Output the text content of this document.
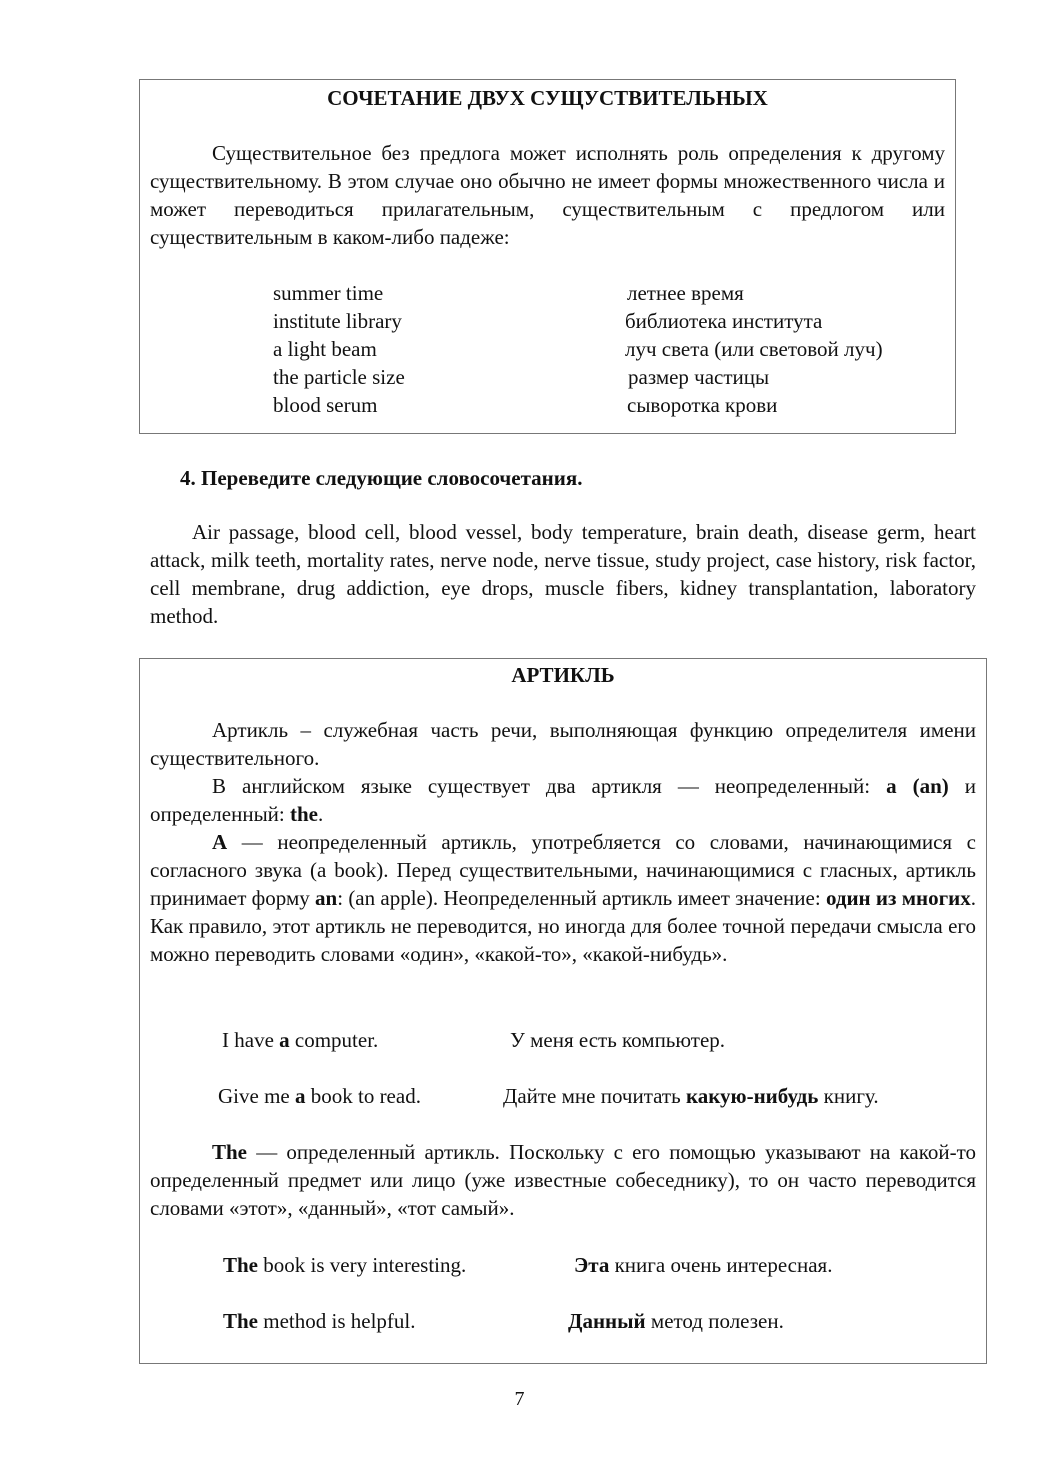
СОЧЕТАНИЕ ДВУХ СУЩУСТВИТЕЛЬНЫХ

Существительное без предлога может исполнять роль определения к другому существительному. В этом случае оно обычно не имеет формы множественного числа и может переводиться прилагательным, существительным с предлогом или существительным в каком-либо падеже:

summer time	летнее время
institute library	библиотека института
a light beam	луч света (или световой луч)
the particle size	размер частицы
blood serum	сыворотка крови

4. Переведите следующие словосочетания.

Air passage, blood cell, blood vessel, body temperature, brain death, disease germ, heart attack, milk teeth, mortality rates, nerve node, nerve tissue, study project, case history, risk factor, cell membrane, drug addiction, eye drops, muscle fibers, kidney transplantation, laboratory method.

АРТИКЛЬ

Артикль – служебная часть речи, выполняющая функцию определителя имени существительного.

В английском языке существует два артикля — неопределенный: a (an) и определенный: the.

A — неопределенный артикль, употребляется со словами, начинающимися с согласного звука (a book). Перед существительными, начинающимися с гласных, артикль принимает форму an: (an apple). Неопределенный артикль имеет значение: один из многих. Как правило, этот артикль не переводится, но иногда для более точной передачи смысла его можно переводить словами «один», «какой-то», «какой-нибудь».

I have a computer.	У меня есть компьютер.
Give me a book to read.	Дайте мне почитать какую-нибудь книгу.

The — определенный артикль. Поскольку с его помощью указывают на какой-то определенный предмет или лицо (уже известные собеседнику), то он часто переводится словами «этот», «данный», «тот самый».

The book is very interesting.	Эта книга очень интересная.
The method is helpful.	Данный метод полезен.
7
